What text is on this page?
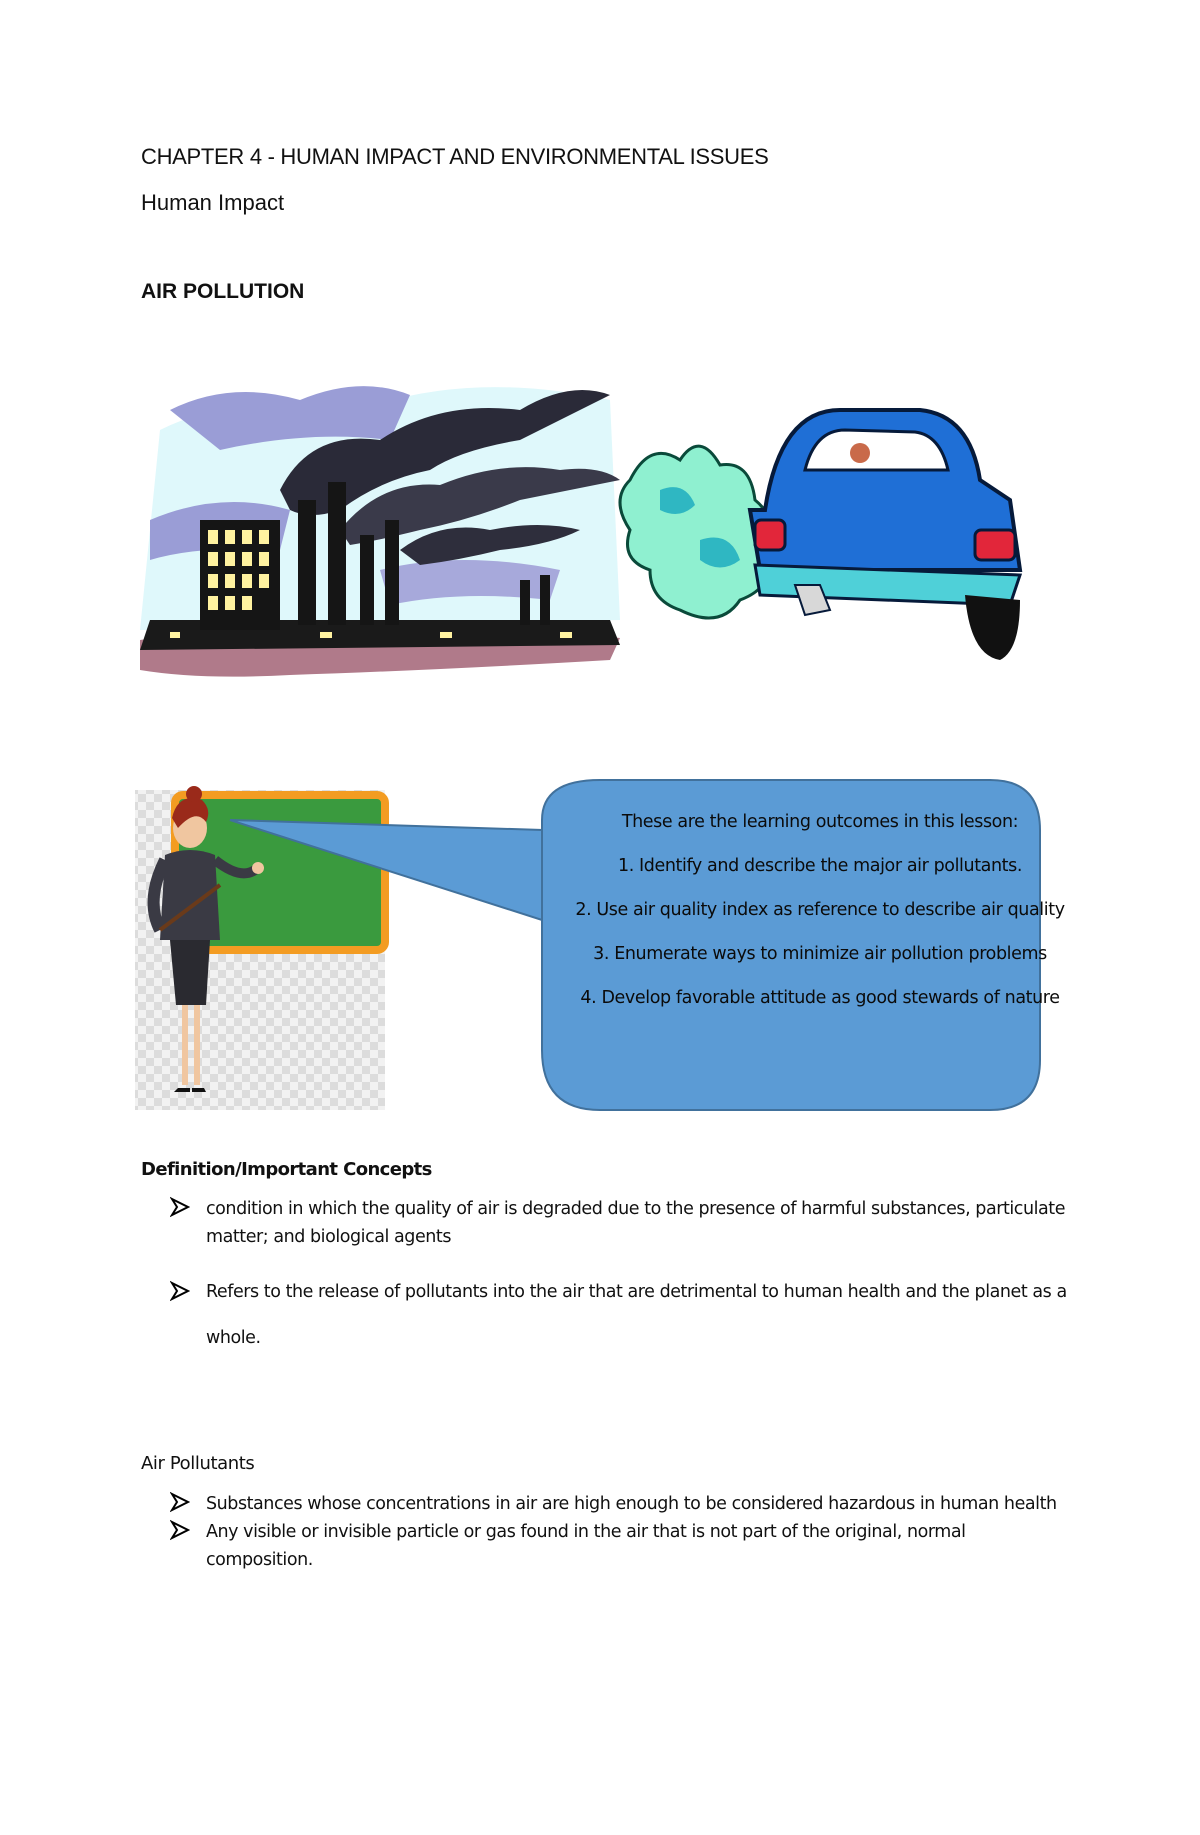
CHAPTER 4 - HUMAN IMPACT AND ENVIRONMENTAL ISSUES
Human Impact
AIR POLLUTION

These are the learning outcomes in this lesson:

1. Identify and describe the major air pollutants.

2. Use air quality index as reference to describe air quality

3. Enumerate ways to minimize air pollution problems

4. Develop favorable attitude as good stewards of nature

Definition/Important Concepts
condition in which the quality of air is degraded due to the presence of harmful substances, particulate matter; and biological agents
Refers to the release of pollutants into the air that are detrimental to human health and the planet as a whole.
Air Pollutants
Substances whose concentrations in air are high enough to be considered hazardous in human health
Any visible or invisible particle or gas found in the air that is not part of the original, normal composition.
